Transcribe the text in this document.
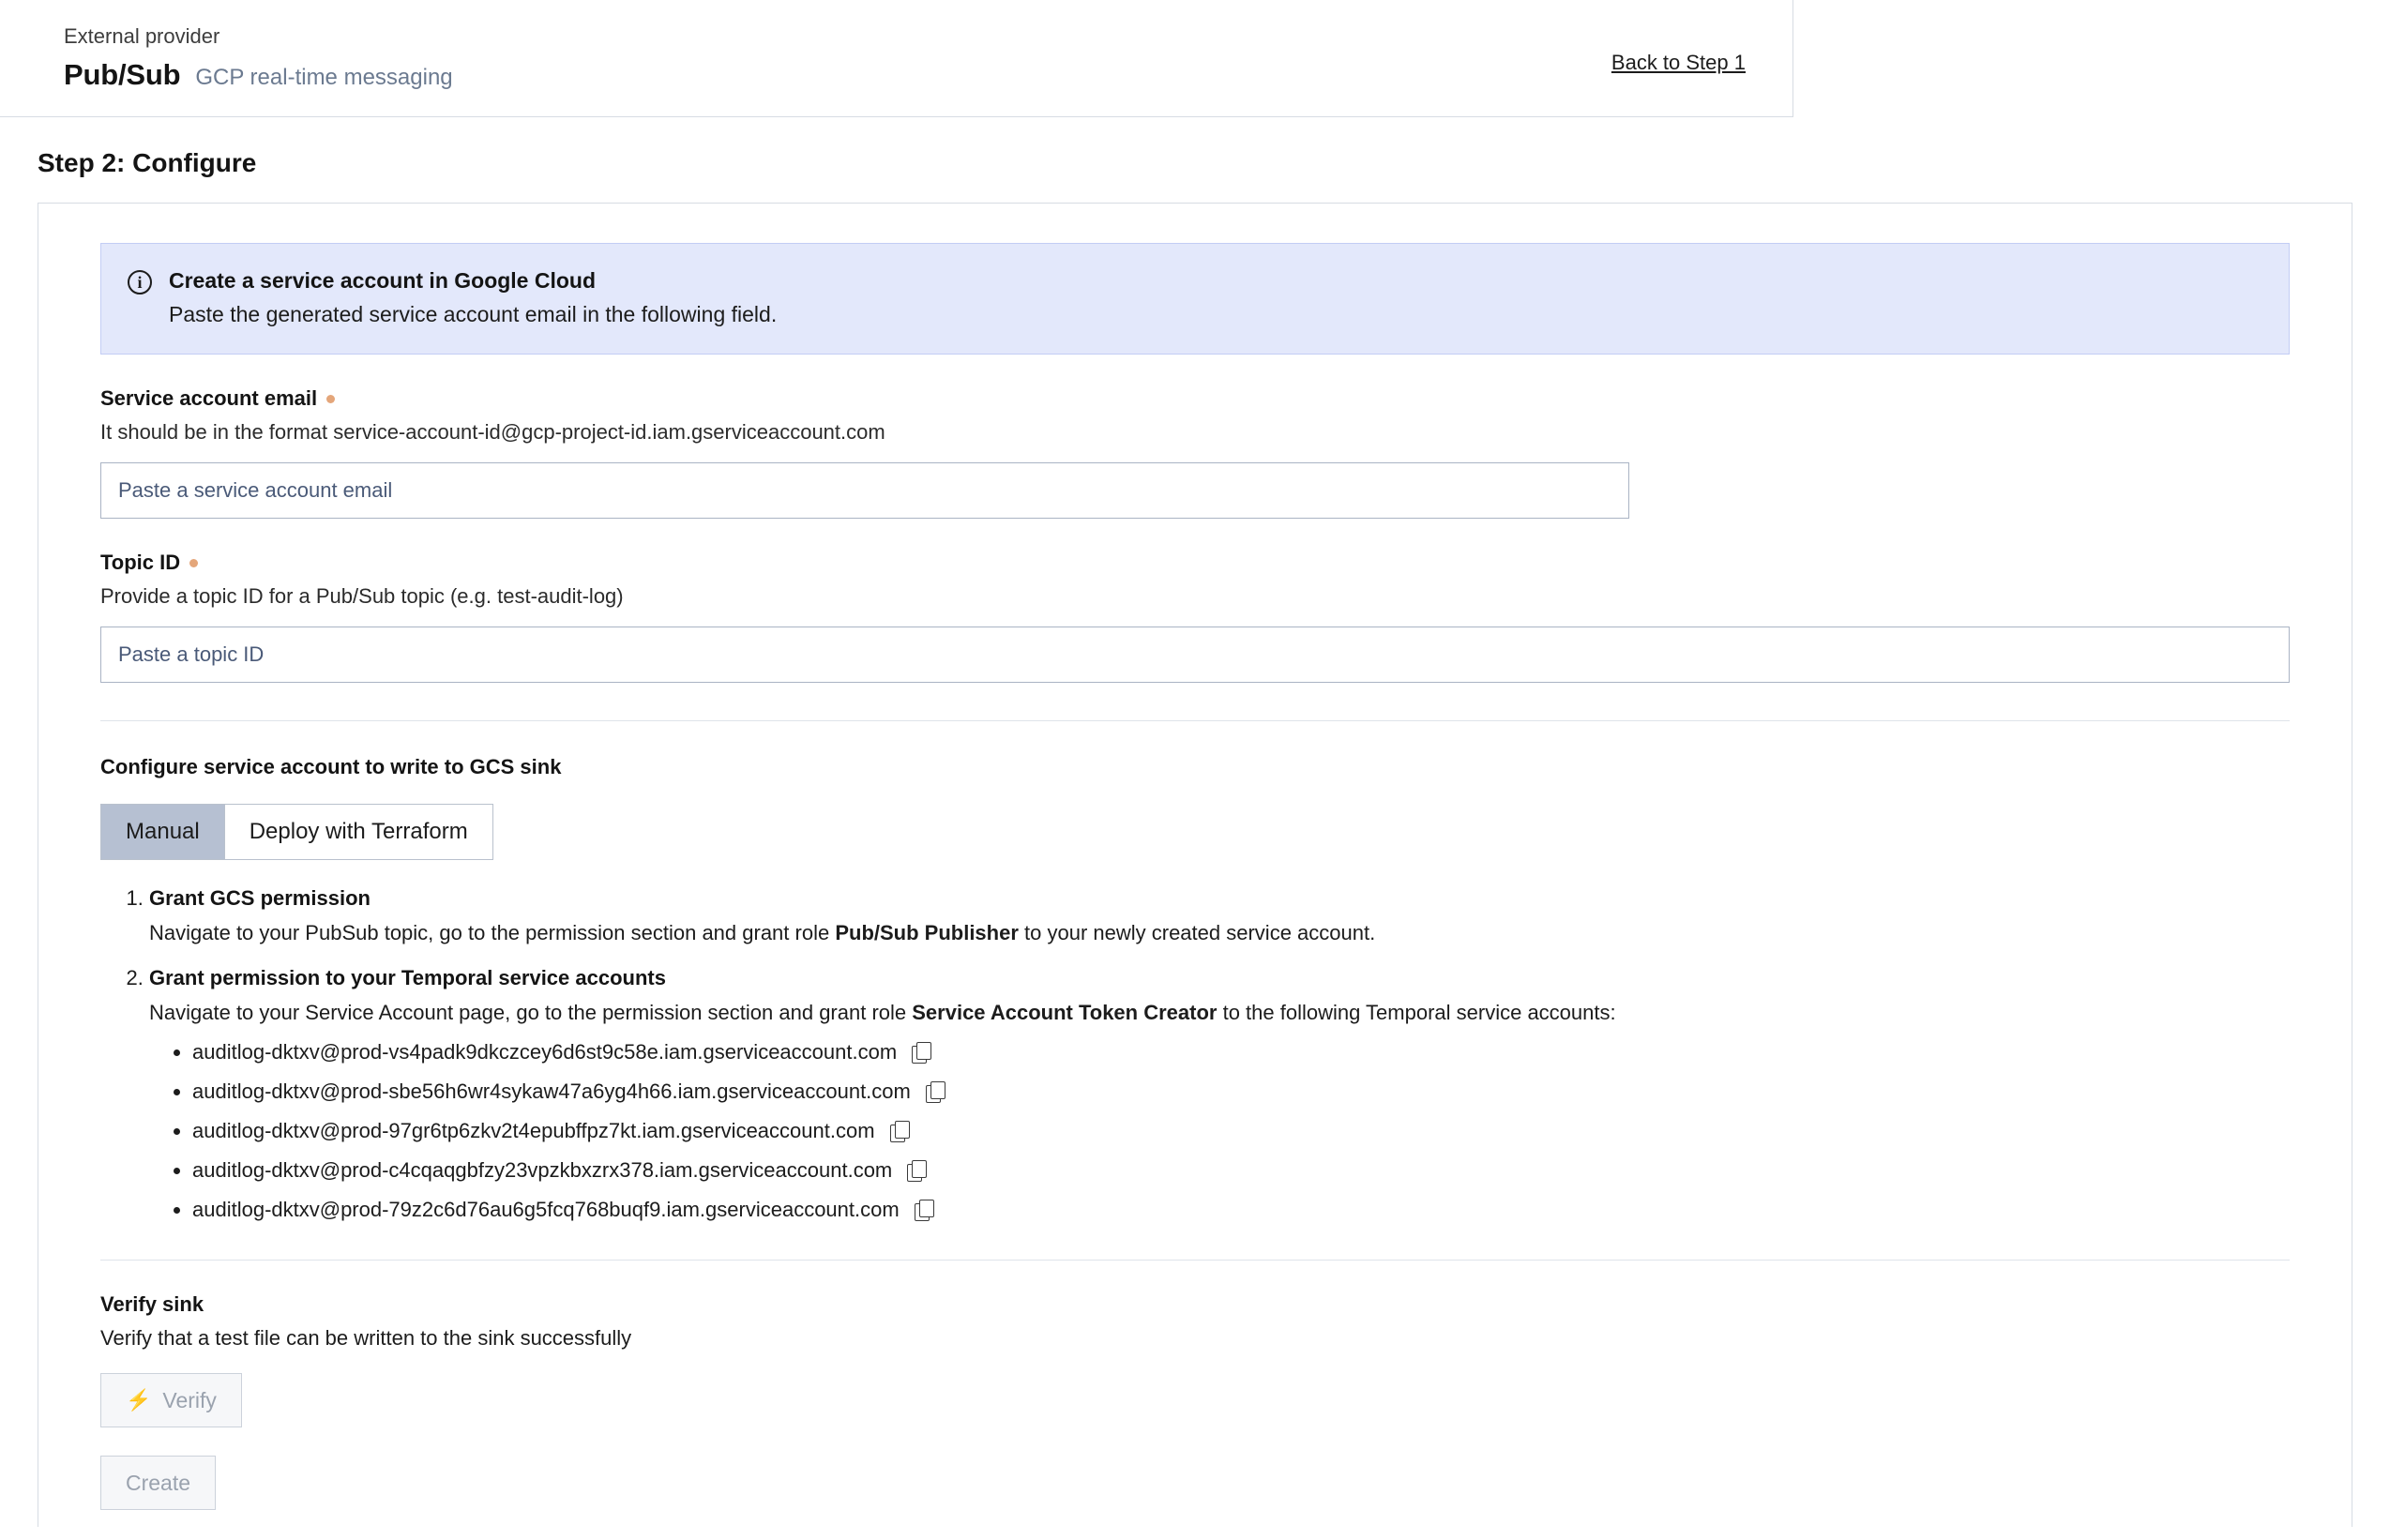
External provider
Pub/Sub GCP real-time messaging
Back to Step 1
Step 2: Configure
i	Create a service account in Google Cloud
Paste the generated service account email in the following field.
Service account email
It should be in the format service-account-id@gcp-project-id.iam.gserviceaccount.com
Paste a service account email
Topic ID
Provide a topic ID for a Pub/Sub topic (e.g. test-audit-log)
Paste a topic ID
Configure service account to write to GCS sink
Manual	Deploy with Terraform
1. Grant GCS permission
Navigate to your PubSub topic, go to the permission section and grant role Pub/Sub Publisher to your newly created service account.
2. Grant permission to your Temporal service accounts
Navigate to your Service Account page, go to the permission section and grant role Service Account Token Creator to the following Temporal service accounts:
• auditlog-dktxv@prod-vs4padk9dkczcey6d6st9c58e.iam.gserviceaccount.com
• auditlog-dktxv@prod-sbe56h6wr4sykaw47a6yg4h66.iam.gserviceaccount.com
• auditlog-dktxv@prod-97gr6tp6zkv2t4epubffpz7kt.iam.gserviceaccount.com
• auditlog-dktxv@prod-c4cqaqgbfzy23vpzkbxzrx378.iam.gserviceaccount.com
• auditlog-dktxv@prod-79z2c6d76au6g5fcq768buqf9.iam.gserviceaccount.com
Verify sink
Verify that a test file can be written to the sink successfully
⚡ Verify
Create
